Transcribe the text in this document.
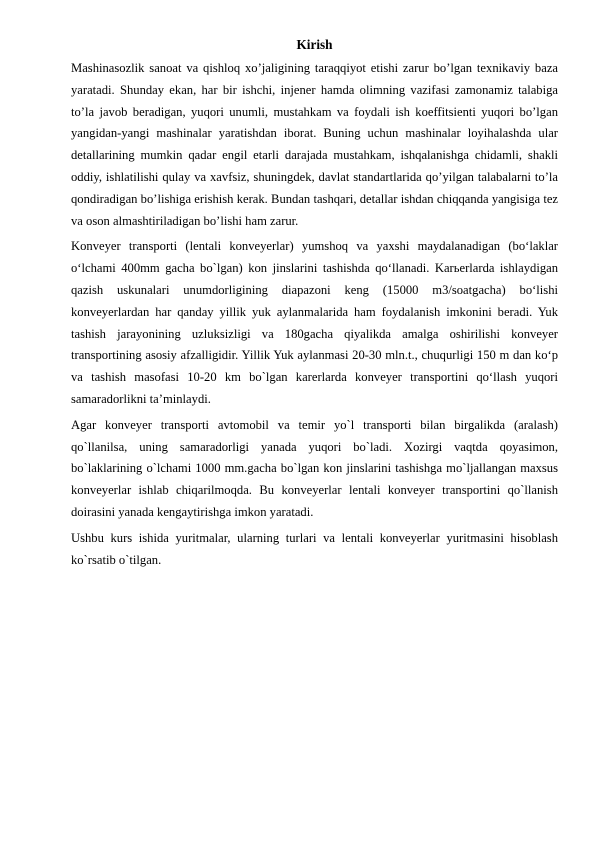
Kirish

Mashinasozlik sanoat va qishloq xo’jaligining taraqqiyot etishi zarur bo’lgan texnikaviy baza yaratadi. Shunday ekan, har bir ishchi, injener hamda olimning vazifasi zamonamiz talabiga to’la javob beradigan, yuqori unumli, mustahkam va foydali ish koeffitsienti yuqori bo’lgan yangidan-yangi mashinalar yaratishdan iborat. Buning uchun mashinalar loyihalashda ular detallarining mumkin qadar engil etarli darajada mustahkam, ishqalanishga chidamli, shakli oddiy, ishlatilishi qulay va xavfsiz, shuningdek, davlat standartlarida qo’yilgan talabalarni to’la qondiradigan bo’lishiga erishish kerak. Bundan tashqari, detallar ishdan chiqqanda yangisiga tez va oson almashtiriladigan bo’lishi ham zarur.

Konveyer transporti (lentali konveyerlar) yumshoq va yaxshi maydalanadigan (bo‘laklar o‘lchami 400mm gacha bo`lgan) kon jinslarini tashishda qo‘llanadi. Karьerlarda ishlaydigan qazish uskunalari unumdorligining diapazoni keng (15000 m3/soatgacha) bo‘lishi konveyerlardan har qanday yillik yuk aylanmalarida ham foydalanish imkonini beradi. Yuk tashish jarayonining uzluksizligi va 180gacha qiyalikda amalga oshirilishi konveyer transportining asosiy afzalligidir. Yillik Yuk aylanmasi 20-30 mln.t., chuqurligi 150 m dan ko‘p va tashish masofasi 10-20 km bo`lgan karerlarda konveyer transportini qo‘llash yuqori samaradorlikni ta’minlaydi.

Agar konveyer transporti avtomobil va temir yo`l transporti bilan birgalikda (aralash) qo`llanilsa, uning samaradorligi yanada yuqori bo`ladi. Xozirgi vaqtda qoyasimon, bo`laklarining o`lchami 1000 mm.gacha bo`lgan kon jinslarini tashishga mo`ljallangan maxsus konveyerlar ishlab chiqarilmoqda. Bu konveyerlar lentali konveyer transportini qo`llanish doirasini yanada kengaytirishga imkon yaratadi.

Ushbu kurs ishida yuritmalar, ularning turlari va lentali konveyerlar yuritmasini hisoblash ko`rsatib o`tilgan.
